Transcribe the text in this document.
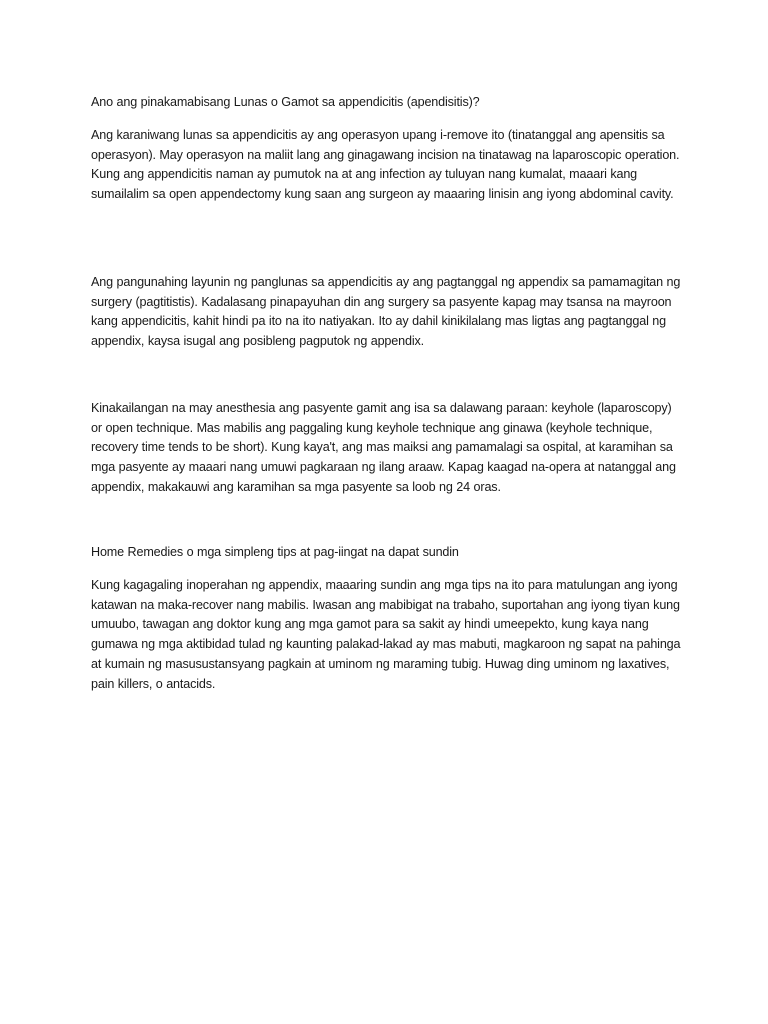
Ano ang pinakamabisang Lunas o Gamot sa appendicitis (apendisitis)?

Ang karaniwang lunas sa appendicitis ay ang operasyon upang i-remove ito (tinatanggal ang apensitis sa operasyon). May operasyon na maliit lang ang ginagawang incision na tinatawag na laparoscopic operation. Kung ang appendicitis naman ay pumutok na at ang infection ay tuluyan nang kumalat, maaari kang sumailalim sa open appendectomy kung saan ang surgeon ay maaaring linisin ang iyong abdominal cavity.

Ang pangunahing layunin ng panglunas sa appendicitis ay ang pagtanggal ng appendix sa pamamagitan ng surgery (pagtitistis). Kadalasang pinapayuhan din ang surgery sa pasyente kapag may tsansa na mayroon kang appendicitis, kahit hindi pa ito na ito natiyakan. Ito ay dahil kinikilalang mas ligtas ang pagtanggal ng appendix, kaysa isugal ang posibleng pagputok ng appendix.

Kinakailangan na may anesthesia ang pasyente gamit ang isa sa dalawang paraan: keyhole (laparoscopy) or open technique. Mas mabilis ang paggaling kung keyhole technique ang ginawa (keyhole technique, recovery time tends to be short). Kung kaya't, ang mas maiksi ang pamamalagi sa ospital, at karamihan sa mga pasyente ay maaari nang umuwi pagkaraan ng ilang araaw. Kapag kaagad na-opera at natanggal ang appendix, makakauwi ang karamihan sa mga pasyente sa loob ng 24 oras.

Home Remedies o mga simpleng tips at pag-iingat na dapat sundin

Kung kagagaling inoperahan ng appendix, maaaring sundin ang mga tips na ito para matulungan ang iyong katawan na maka-recover nang mabilis. Iwasan ang mabibigat na trabaho, suportahan ang iyong tiyan kung umuubo, tawagan ang doktor kung ang mga gamot para sa sakit ay hindi umeepekto, kung kaya nang gumawa ng mga aktibidad tulad ng kaunting palakad-lakad ay mas mabuti, magkaroon ng sapat na pahinga at kumain ng masusustansyang pagkain at uminom ng maraming tubig. Huwag ding uminom ng laxatives, pain killers, o antacids.
